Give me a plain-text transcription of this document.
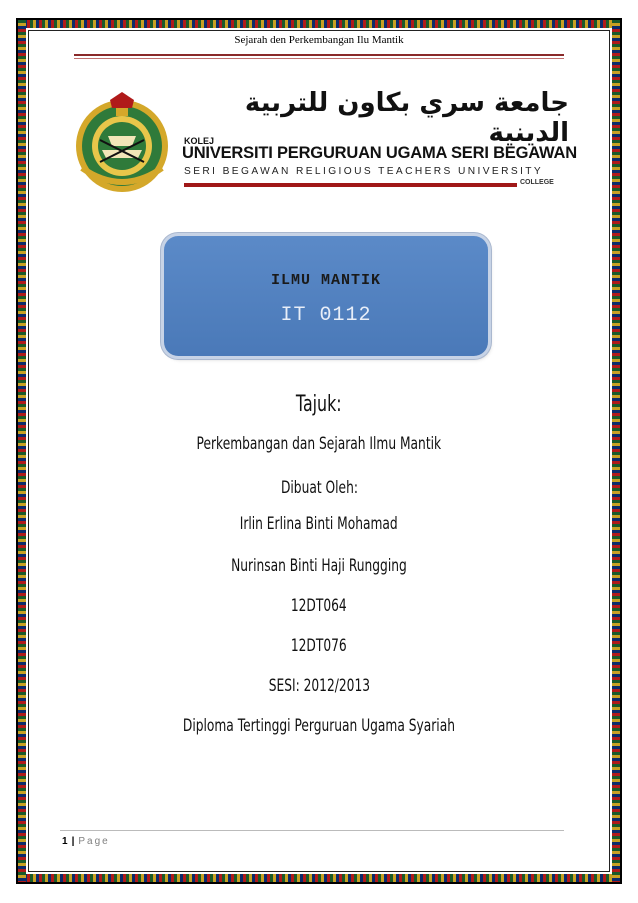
Sejarah den Perkembangan Ilu Mantik
جامعة سري بكاون للتربية الدينية
KOLEJ
UNIVERSITI PERGURUAN UGAMA SERI BEGAWAN
SERI BEGAWAN RELIGIOUS TEACHERS UNIVERSITY
COLLEGE
ILMU MANTIK
IT 0112
Tajuk:
Perkembangan dan Sejarah Ilmu Mantik
Dibuat Oleh:
Irlin Erlina Binti Mohamad
Nurinsan Binti Haji Rungging
12DT064
12DT076
SESI: 2012/2013
Diploma Tertinggi Perguruan Ugama Syariah
1 | Page
